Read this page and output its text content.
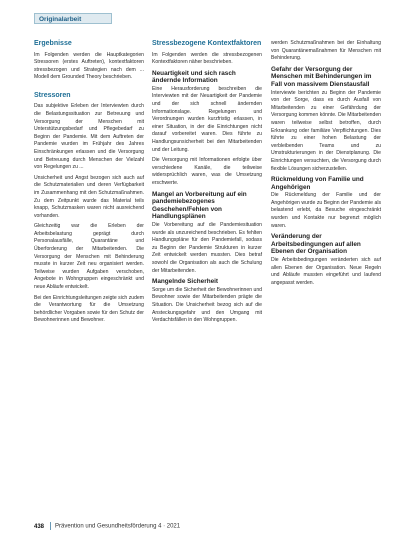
Originalarbeit
Ergebnisse

Im Folgenden werden die Hauptkategorien Stressoren (erstes Auftreten), kontextfaktoren stressbezogen und Strategien nach dem ... Modell dem Grounded Theory beschrieben.

Stressoren

Das subjektive Erleben der Interviewten durch die Belastungssituation zur Betreuung und Versorgung der Menschen mit Unterstützungsbedarf und Pflegebedarf zu Beginn der Pandemie. Mit dem Auftreten der Pandemie wurden im Frühjahr des Jahres Einschränkungen erlassen und die Versorgung und Betreuung durch Menschen der Vielzahl von Regelungen zu ...

Unsicherheit und Angst bezogen sich auch auf die Schutzmaterialien und deren Verfügbarkeit im Zusammenhang mit den Schutzmaßnahmen. Zu dem Zeitpunkt wurde das Material teils knapp, Schutzmasken waren nicht ausreichend vorhanden.

Gleichzeitig war die Erleben der Arbeitsbelastung geprägt durch Personalausfälle, Quarantäne und Überforderung der Mitarbeitenden. Die Versorgung der Menschen mit Behinderung musste in kurzer Zeit neu organisiert werden. Teilweise wurden Aufgaben verschoben, Angebote in Wohngruppen eingeschränkt und neue Abläufe entwickelt.

Bei den Einrichtungsleitungen zeigte sich zudem die Verantwortung für die Umsetzung behördlicher Vorgaben sowie für den Schutz der Bewohnerinnen und Bewohner.

Stressbezogene Kontextfaktoren

Im Folgenden werden die stressbezogenen Kontextfaktoren näher beschrieben.

Neuartigkeit und sich rasch ändernde Information

Eine Herausforderung beschreiben die Interviewten mit der Neuartigkeit der Pandemie und der sich schnell ändernden Informationslage. Regelungen und Verordnungen wurden kurzfristig erlassen, in einer Situation, in der die Einrichtungen nicht darauf vorbereitet waren. Dies führte zu Handlungsunsicherheit bei den Mitarbeitenden und der Leitung.

Die Versorgung mit Informationen erfolgte über verschiedene Kanäle, die teilweise widersprüchlich waren, was die Umsetzung erschwerte.

Mangel an Vorbereitung auf ein pandemiebezogenes Geschehen/Fehlen von Handlungsplänen

Die Vorbereitung auf die Pandemiesituation wurde als unzureichend beschrieben. Es fehlten Handlungspläne für den Pandemiefall, sodass zu Beginn der Pandemie Strukturen in kurzer Zeit entwickelt werden mussten. Dies betraf sowohl die Organisation als auch die Schulung der Mitarbeitenden.

Mangelnde Sicherheit

Sorge um die Sicherheit der Bewohnerinnen und Bewohner sowie der Mitarbeitenden prägte die Situation. Die Unsicherheit bezog sich auf die Ansteckungsgefahr und den Umgang mit Verdachtsfällen in den Wohngruppen.

werden Schutzmaßnahmen bei der Einhaltung von Quarantänemaßnahmen für Menschen mit Behinderung.

Gefahr der Versorgung der Menschen mit Behinderungen im Fall von massivem Dienstausfall

Interviewte berichten zu Beginn der Pandemie von der Sorge, dass es durch Ausfall von Mitarbeitenden zu einer Gefährdung der Versorgung kommen könnte. Die Mitarbeitenden waren teilweise selbst betroffen, durch Erkrankung oder familiäre Verpflichtungen. Dies führte zu einer hohen Belastung der verbleibenden Teams und zu Umstrukturierungen in der Dienstplanung. Die Einrichtungen versuchten, die Versorgung durch flexible Lösungen sicherzustellen.

Rückmeldung von Familie und Angehörigen

Die Rückmeldung der Familie und der Angehörigen wurde zu Beginn der Pandemie als belastend erlebt, da Besuche eingeschränkt wurden und Kontakte nur begrenzt möglich waren.

Veränderung der Arbeitsbedingungen auf allen Ebenen der Organisation

Die Arbeitsbedingungen veränderten sich auf allen Ebenen der Organisation. Neue Regeln und Abläufe mussten eingeführt und laufend angepasst werden.

438 Prävention und Gesundheitsförderung 4 · 2021
